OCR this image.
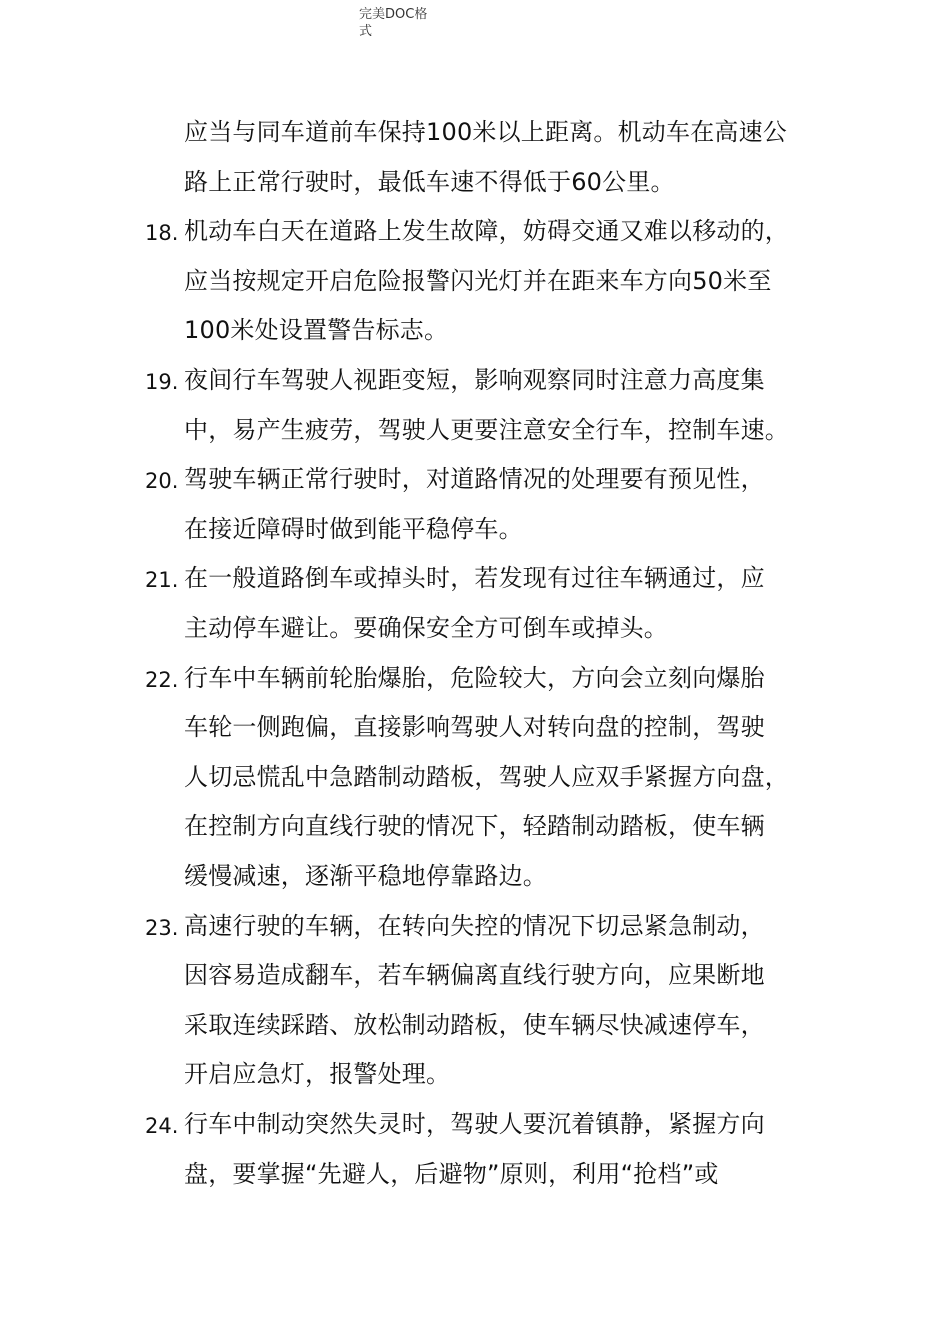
完美DOC格
式
应当与同车道前车保持100米以上距离。机动车在高速公
路上正常行驶时，最低车速不得低于60公里。
18. 机动车白天在道路上发生故障，妨碍交通又难以移动的，
应当按规定开启危险报警闪光灯并在距来车方向50米至
100米处设置警告标志。
19. 夜间行车驾驶人视距变短，影响观察同时注意力高度集
中，易产生疲劳，驾驶人更要注意安全行车，控制车速。
20. 驾驶车辆正常行驶时，对道路情况的处理要有预见性，
在接近障碍时做到能平稳停车。
21. 在一般道路倒车或掉头时，若发现有过往车辆通过，应
主动停车避让。要确保安全方可倒车或掉头。
22. 行车中车辆前轮胎爆胎，危险较大，方向会立刻向爆胎
车轮一侧跑偏，直接影响驾驶人对转向盘的控制，驾驶
人切忌慌乱中急踏制动踏板，驾驶人应双手紧握方向盘，
在控制方向直线行驶的情况下，轻踏制动踏板，使车辆
缓慢减速，逐渐平稳地停靠路边。
23. 高速行驶的车辆，在转向失控的情况下切忌紧急制动，
因容易造成翻车，若车辆偏离直线行驶方向，应果断地
采取连续踩踏、放松制动踏板，使车辆尽快减速停车，
开启应急灯，报警处理。
24. 行车中制动突然失灵时，驾驶人要沉着镇静，紧握方向
盘，要掌握“先避人，后避物”原则，利用“抢档”或
